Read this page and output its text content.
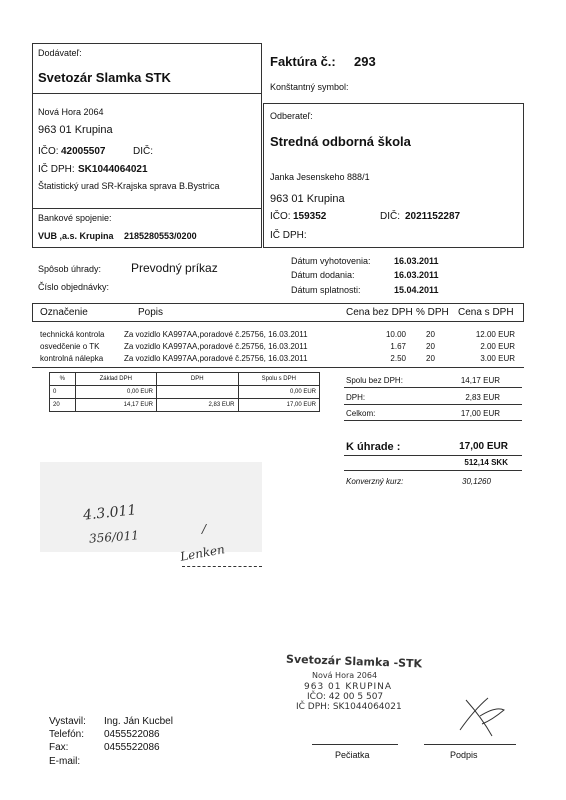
Dodávateľ:
Svetozár Slamka STK
Nová Hora 2064
963 01 Krupina
IČO: 42005507	DIČ:
IČ DPH: SK1044064021
Štatistický urad SR-Krajska sprava B.Bystrica
Bankové spojenie:
VUB ,a.s. Krupina 2185280553/0200
Faktúra č.: 293
Konštantný symbol:
Odberateľ:
Stredná odborná škola
Janka Jesenskeho 888/1
963 01 Krupina
IČO: 159352	DIČ: 2021152287
IČ DPH:
Spôsob úhrady: Prevodný príkaz
Číslo objednávky:
Dátum vyhotovenia:	16.03.2011
Dátum dodania:	16.03.2011
Dátum splatnosti:	15.04.2011
Označenie	Popis	Cena bez DPH % DPH Cena s DPH
technická kontrola Za vozidlo KA997AA,poradové č.25756, 16.03.2011	10.00	20	12.00 EUR
osvedčenie o TK	Za vozidlo KA997AA,poradové č.25756, 16.03.2011	1.67	20	2.00 EUR
kontrolná nálepka	Za vozidlo KA997AA,poradové č.25756, 16.03.2011	2.50	20	3.00 EUR
%	Základ DPH	DPH	Spolu s DPH
0	0,00 EUR		0,00 EUR
20	14,17 EUR	2,83 EUR	17,00 EUR
Spolu bez DPH:	14,17 EUR
DPH:	2,83 EUR
Celkom:	17,00 EUR
K úhrade :	17,00 EUR
512,14 SKK
Konverzný kurz:	30,1260
4.3.011
356/011	/
Lenken
Svetozár Slamka -STK
Nová Hora 2064
963 01 KRUPINA
IČO: 42 00 5 507
IČ DPH: SK1044064021
Vystavil: Ing. Ján Kucbel
Telefón: 0455522086
Fax:	0455522086
E-mail:
Pečiatka	Podpis
